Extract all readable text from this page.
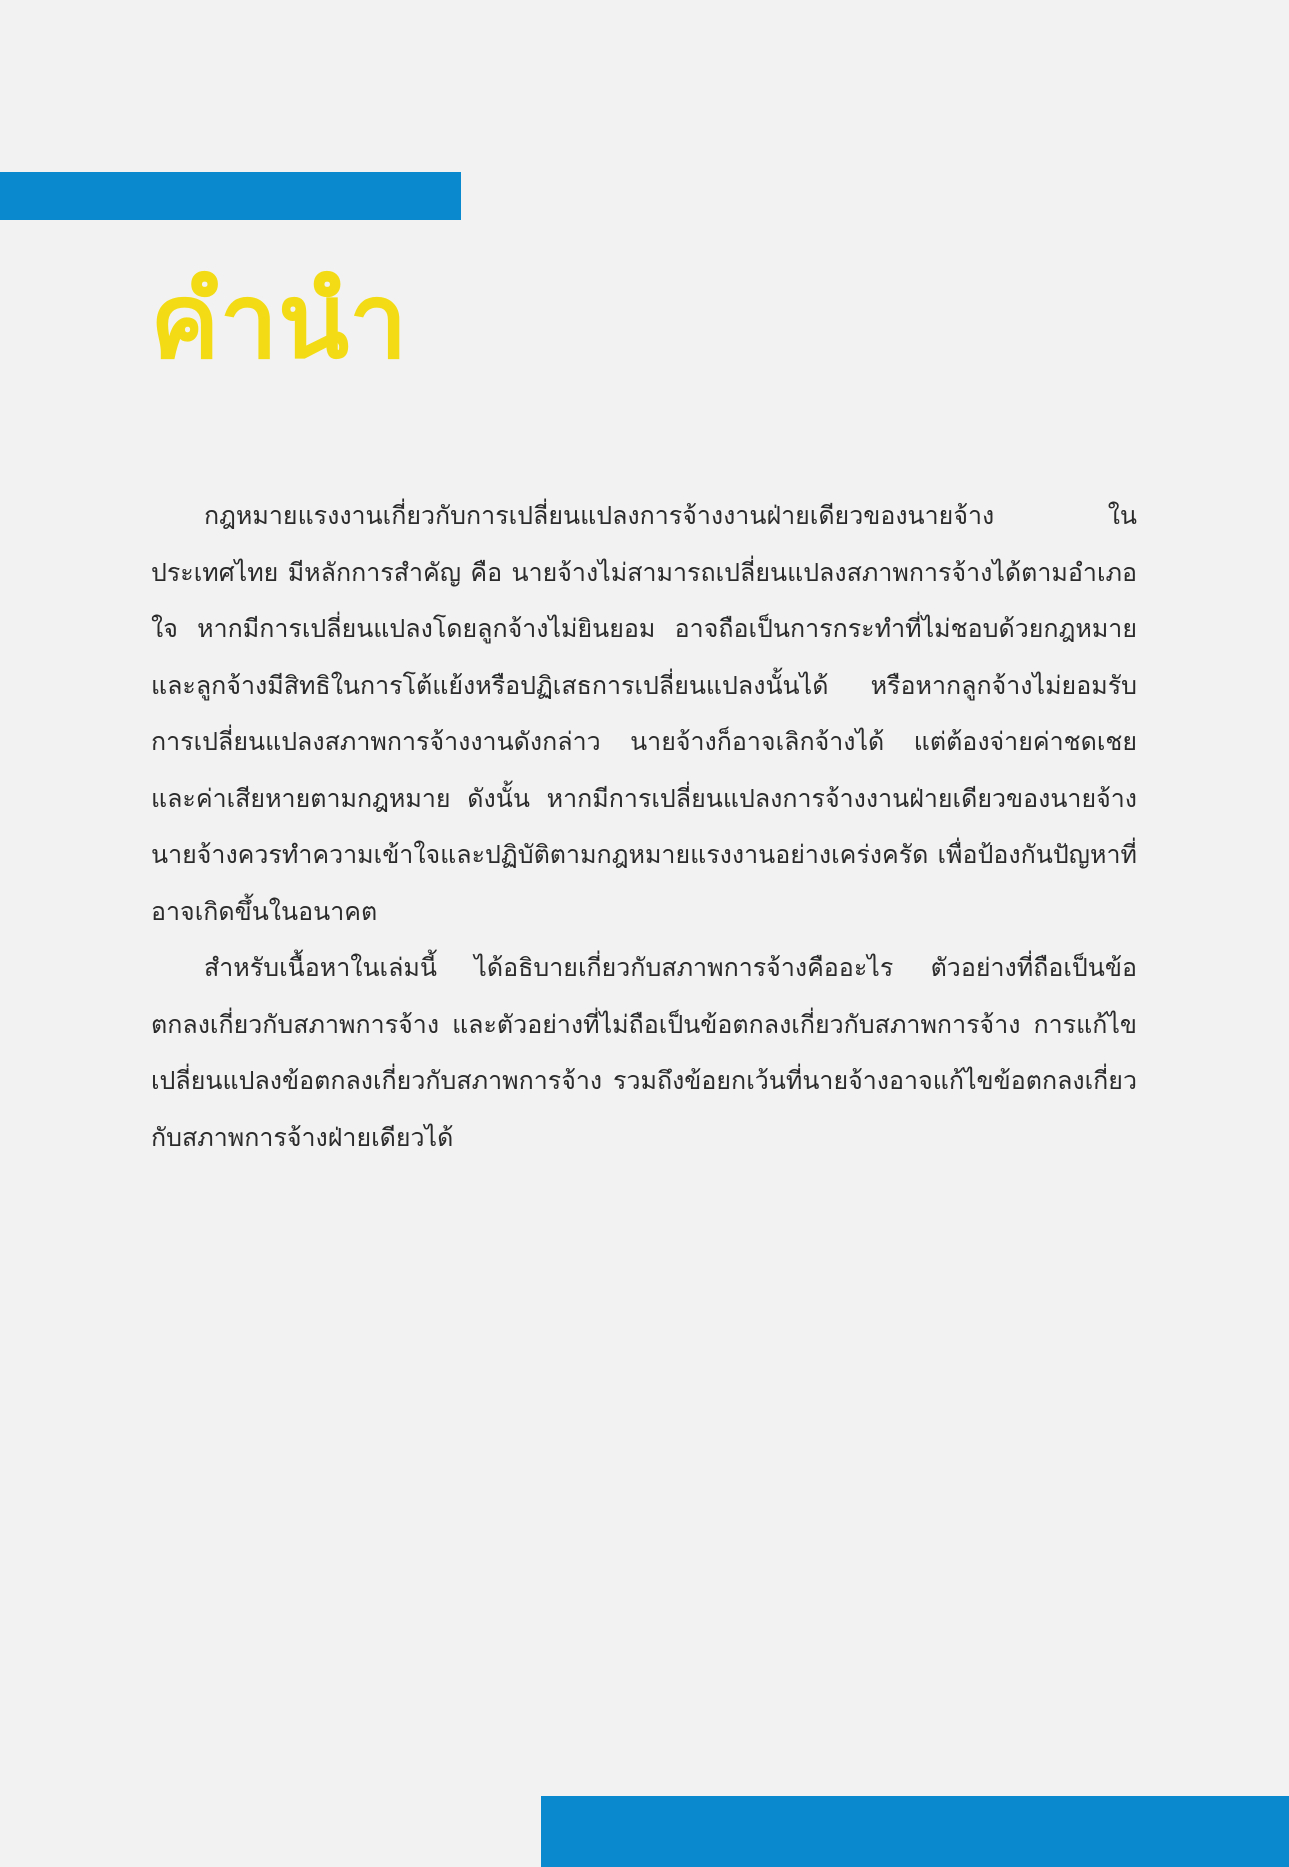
คำนำ

กฎหมายแรงงานเกี่ยวกับการเปลี่ยนแปลงการจ้างงานฝ่ายเดียวของนายจ้าง ในประเทศไทย มีหลักการสำคัญ คือ นายจ้างไม่สามารถเปลี่ยนแปลงสภาพการจ้างได้ตามอำเภอใจ หากมีการเปลี่ยนแปลงโดยลูกจ้างไม่ยินยอม อาจถือเป็นการกระทำที่ไม่ชอบด้วยกฎหมาย และลูกจ้างมีสิทธิในการโต้แย้งหรือปฏิเสธการเปลี่ยนแปลงนั้นได้ หรือหากลูกจ้างไม่ยอมรับการเปลี่ยนแปลงสภาพการจ้างงานดังกล่าว นายจ้างก็อาจเลิกจ้างได้ แต่ต้องจ่ายค่าชดเชยและค่าเสียหายตามกฎหมาย ดังนั้น หากมีการเปลี่ยนแปลงการจ้างงานฝ่ายเดียวของนายจ้าง นายจ้างควรทำความเข้าใจและปฏิบัติตามกฎหมายแรงงานอย่างเคร่งครัด เพื่อป้องกันปัญหาที่อาจเกิดขึ้นในอนาคต

สำหรับเนื้อหาในเล่มนี้ ได้อธิบายเกี่ยวกับสภาพการจ้างคืออะไร ตัวอย่างที่ถือเป็นข้อตกลงเกี่ยวกับสภาพการจ้าง และตัวอย่างที่ไม่ถือเป็นข้อตกลงเกี่ยวกับสภาพการจ้าง การแก้ไขเปลี่ยนแปลงข้อตกลงเกี่ยวกับสภาพการจ้าง รวมถึงข้อยกเว้นที่นายจ้างอาจแก้ไขข้อตกลงเกี่ยวกับสภาพการจ้างฝ่ายเดียวได้
